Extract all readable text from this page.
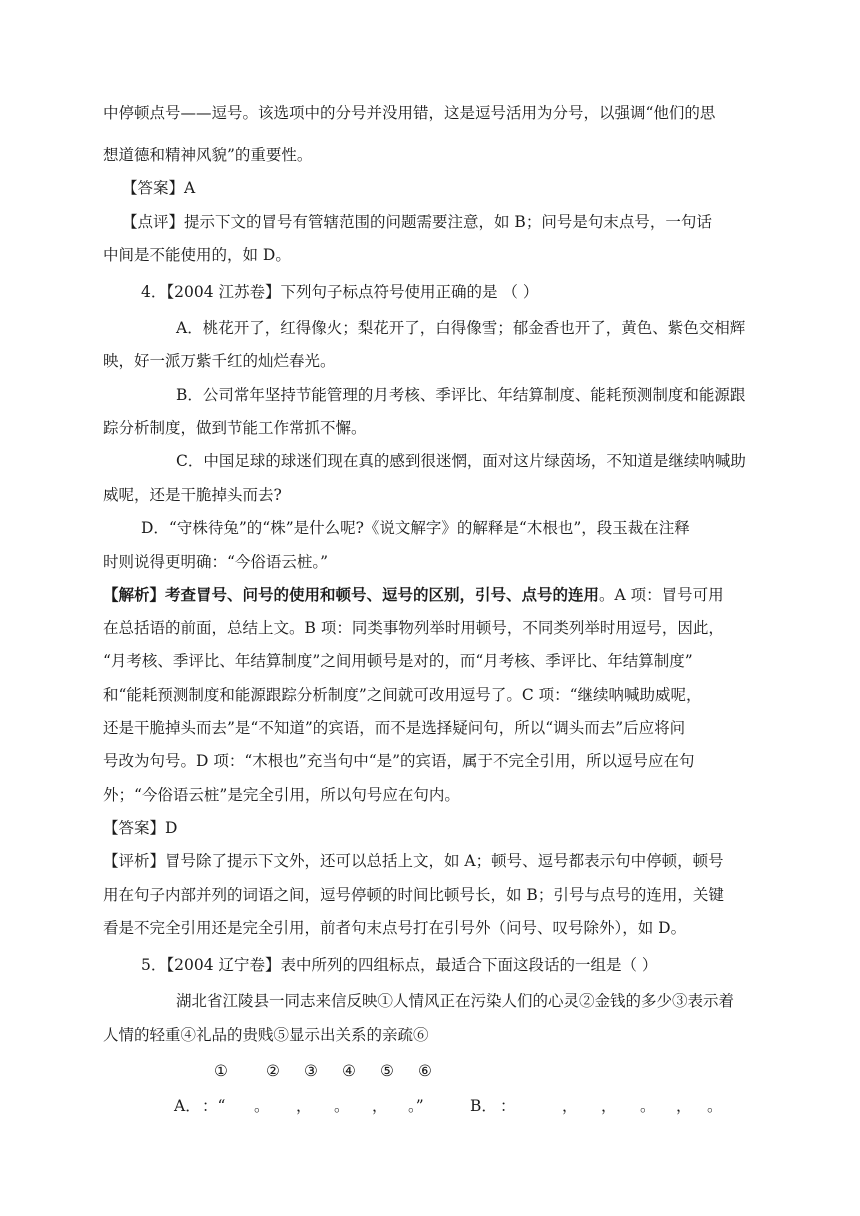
中停顿点号——逗号。该选项中的分号并没用错，这是逗号活用为分号，以强调“他们的思
想道德和精神风貌”的重要性。
【答案】A
【点评】提示下文的冒号有管辖范围的问题需要注意，如 B；问号是句末点号，一句话
中间是不能使用的，如 D。
4．【2004 江苏卷】下列句子标点符号使用正确的是 （ ）
A．桃花开了，红得像火；梨花开了，白得像雪；郁金香也开了，黄色、紫色交相辉
映，好一派万紫千红的灿烂春光。
B．公司常年坚持节能管理的月考核、季评比、年结算制度、能耗预测制度和能源跟
踪分析制度，做到节能工作常抓不懈。
C．中国足球的球迷们现在真的感到很迷惘，面对这片绿茵场，不知道是继续呐喊助
威呢，还是干脆掉头而去?
D．“守株待兔”的“株”是什么呢?《说文解字》的解释是“木根也”，段玉裁在注释
时则说得更明确：“今俗语云桩。”
【解析】考查冒号、问号的使用和顿号、逗号的区别，引号、点号的连用。A 项：冒号可用
在总括语的前面，总结上文。B 项：同类事物列举时用顿号，不同类列举时用逗号，因此，
“月考核、季评比、年结算制度”之间用顿号是对的，而“月考核、季评比、年结算制度”
和“能耗预测制度和能源跟踪分析制度”之间就可改用逗号了。C 项：“继续呐喊助威呢，
还是干脆掉头而去”是“不知道”的宾语，而不是选择疑问句，所以“调头而去”后应将问
号改为句号。D 项：“木根也”充当句中“是”的宾语，属于不完全引用，所以逗号应在句
外；“今俗语云桩”是完全引用，所以句号应在句内。
【答案】D
【评析】冒号除了提示下文外，还可以总括上文，如 A；顿号、逗号都表示句中停顿，顿号
用在句子内部并列的词语之间，逗号停顿的时间比顿号长，如 B；引号与点号的连用，关键
看是不完全引用还是完全引用，前者句末点号打在引号外（问号、叹号除外），如 D。
5．【2004 辽宁卷】表中所列的四组标点，最适合下面这段话的一组是（ ）
湖北省江陵县一同志来信反映①人情风正在污染人们的心灵②金钱的多少③表示着
人情的轻重④礼品的贵贱⑤显示出关系的亲疏⑥
① ② ③ ④ ⑤ ⑥
A． ：“ 。 ， 。 ， 。”	B． ：	， ， 。 ， 。
